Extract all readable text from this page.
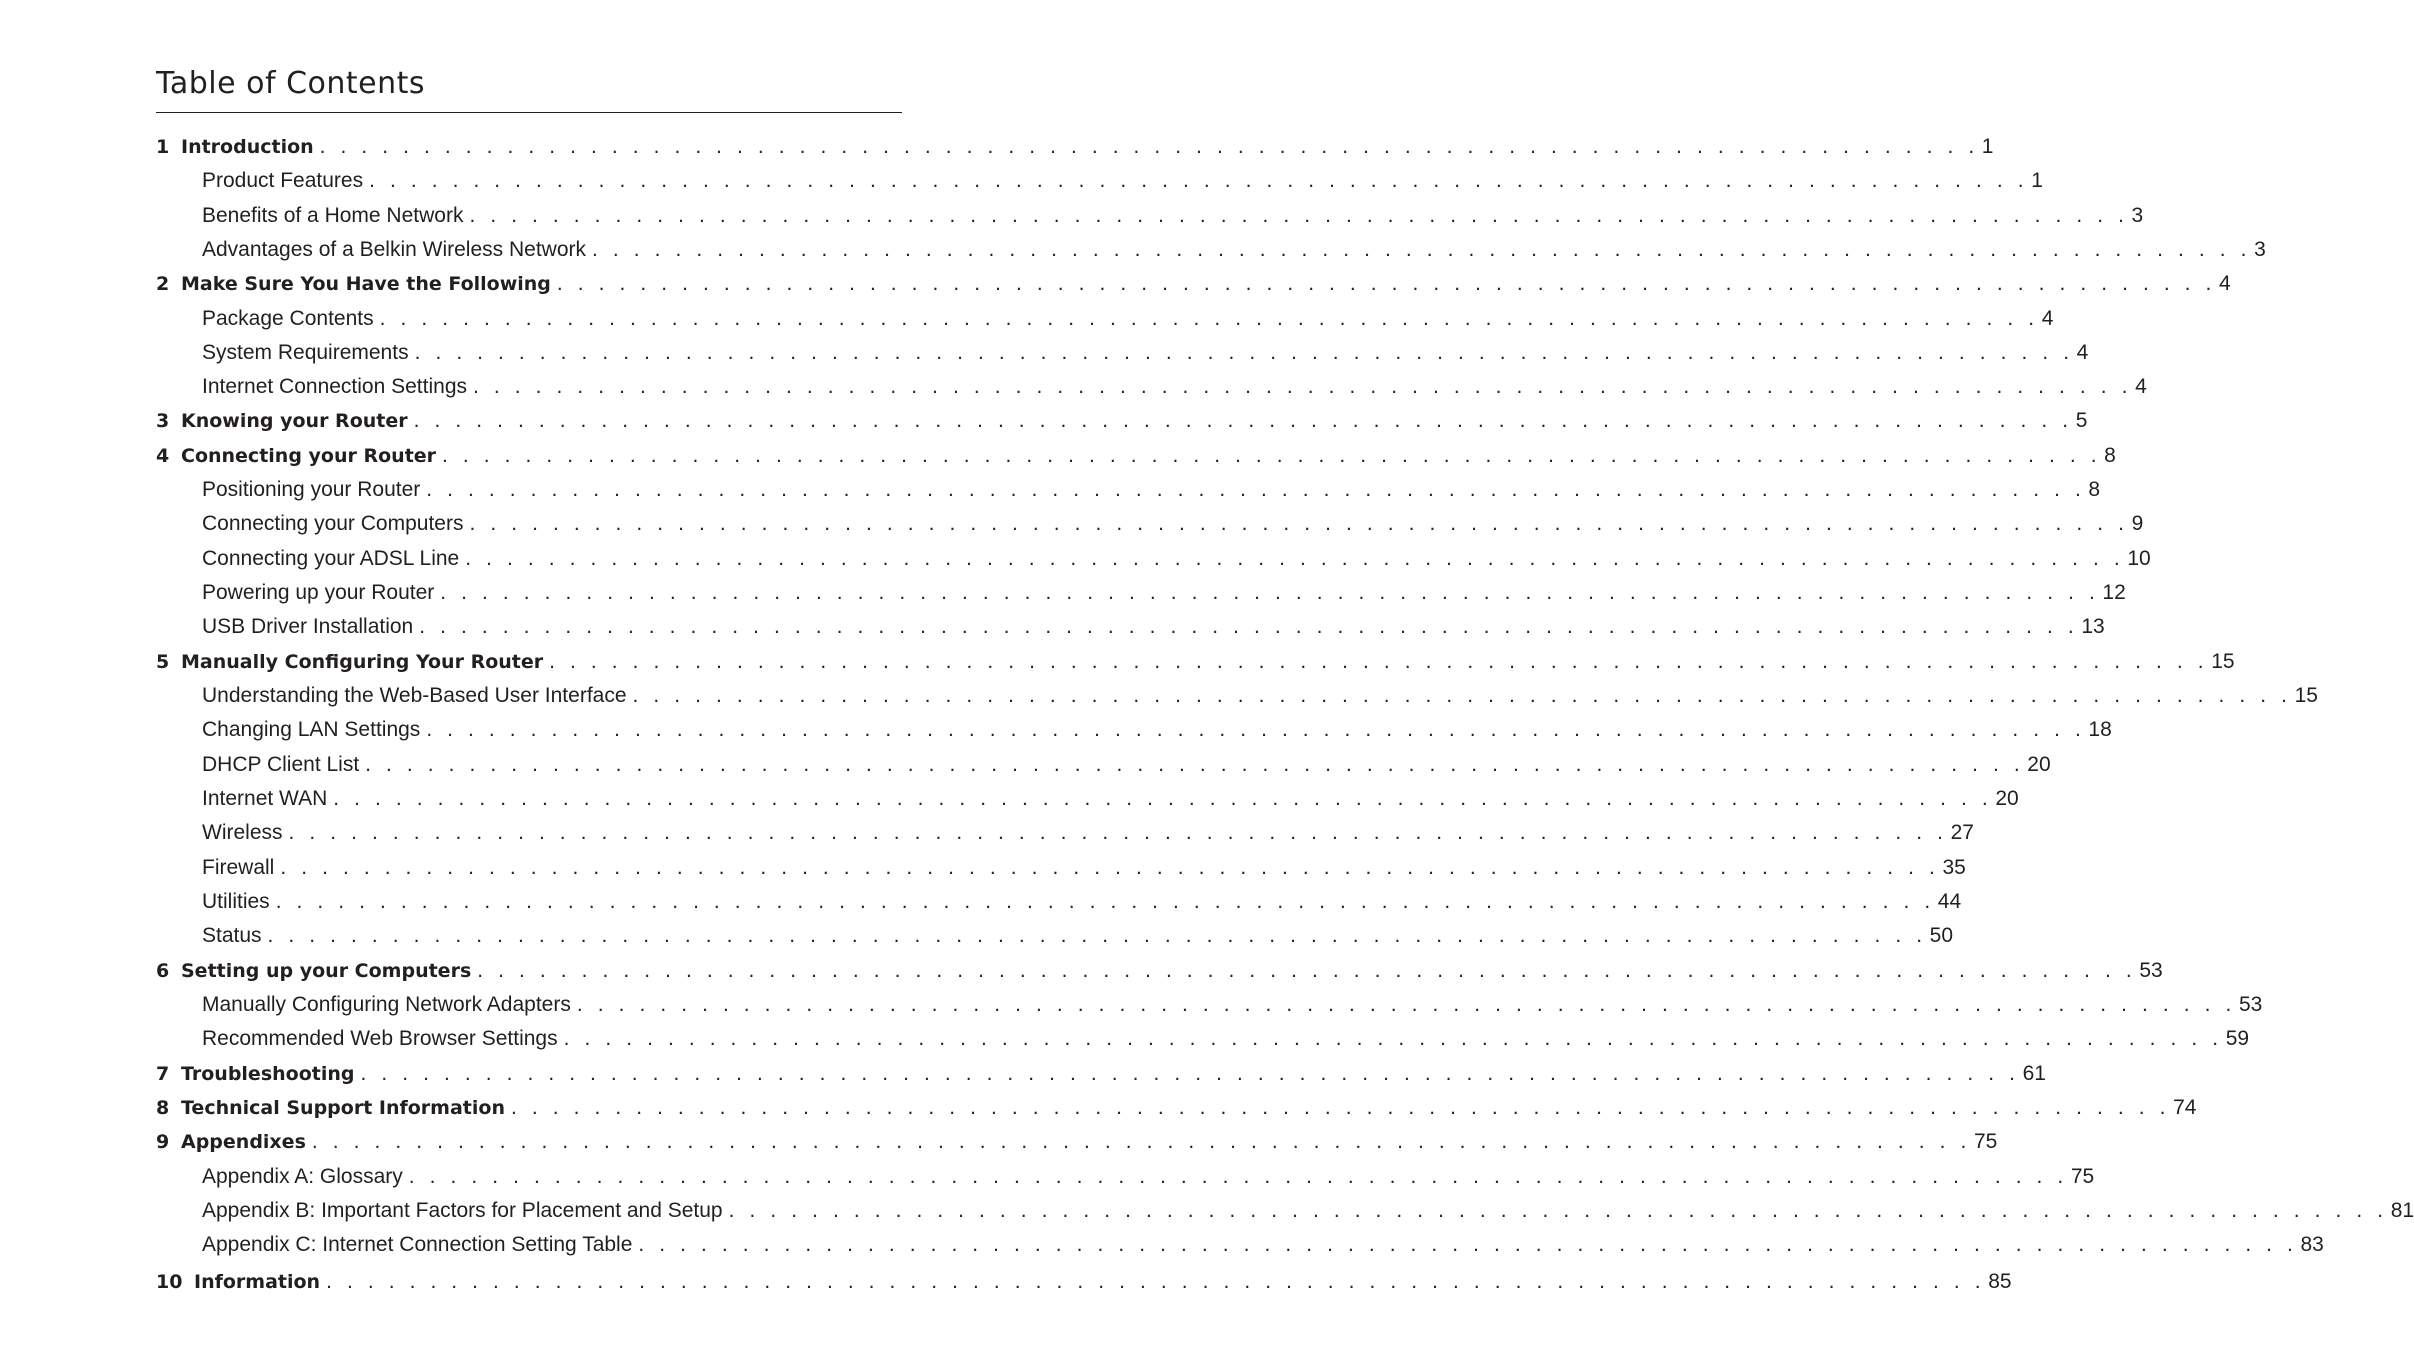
Table of Contents
1 Introduction . . . . . . . . . . . . . . . . . . . . . . . . . . . . . . . . . . . . . . . . . . . . . . . . . . . . . . . . . . . . . . . . . . . . . . . . . . . . . . . . 1
Product Features . . . . . . . . . . . . . . . . . . . . . . . . . . . . . . . . . . . . . . . . . . . . . . . . . . . . . . . . . . . . . . . . . . . . . . . . . . . . . . . . 1
Benefits of a Home Network . . . . . . . . . . . . . . . . . . . . . . . . . . . . . . . . . . . . . . . . . . . . . . . . . . . . . . . . . . . . . . . . . . . . . . . . . . . . . . . . 3
Advantages of a Belkin Wireless Network . . . . . . . . . . . . . . . . . . . . . . . . . . . . . . . . . . . . . . . . . . . . . . . . . . . . . . . . . . . . . . . . . . . . . . . . . . . . . . . . 3
2 Make Sure You Have the Following . . . . . . . . . . . . . . . . . . . . . . . . . . . . . . . . . . . . . . . . . . . . . . . . . . . . . . . . . . . . . . . . . . . . . . . . . . . . . . . . 4
Package Contents . . . . . . . . . . . . . . . . . . . . . . . . . . . . . . . . . . . . . . . . . . . . . . . . . . . . . . . . . . . . . . . . . . . . . . . . . . . . . . . . 4
System Requirements . . . . . . . . . . . . . . . . . . . . . . . . . . . . . . . . . . . . . . . . . . . . . . . . . . . . . . . . . . . . . . . . . . . . . . . . . . . . . . . . 4
Internet Connection Settings . . . . . . . . . . . . . . . . . . . . . . . . . . . . . . . . . . . . . . . . . . . . . . . . . . . . . . . . . . . . . . . . . . . . . . . . . . . . . . . . 4
3 Knowing your Router . . . . . . . . . . . . . . . . . . . . . . . . . . . . . . . . . . . . . . . . . . . . . . . . . . . . . . . . . . . . . . . . . . . . . . . . . . . . . . . . 5
4 Connecting your Router . . . . . . . . . . . . . . . . . . . . . . . . . . . . . . . . . . . . . . . . . . . . . . . . . . . . . . . . . . . . . . . . . . . . . . . . . . . . . . . . 8
Positioning your Router . . . . . . . . . . . . . . . . . . . . . . . . . . . . . . . . . . . . . . . . . . . . . . . . . . . . . . . . . . . . . . . . . . . . . . . . . . . . . . . . 8
Connecting your Computers . . . . . . . . . . . . . . . . . . . . . . . . . . . . . . . . . . . . . . . . . . . . . . . . . . . . . . . . . . . . . . . . . . . . . . . . . . . . . . . . 9
Connecting your ADSL Line . . . . . . . . . . . . . . . . . . . . . . . . . . . . . . . . . . . . . . . . . . . . . . . . . . . . . . . . . . . . . . . . . . . . . . . . . . . . . . . . 10
Powering up your Router . . . . . . . . . . . . . . . . . . . . . . . . . . . . . . . . . . . . . . . . . . . . . . . . . . . . . . . . . . . . . . . . . . . . . . . . . . . . . . . . 12
USB Driver Installation . . . . . . . . . . . . . . . . . . . . . . . . . . . . . . . . . . . . . . . . . . . . . . . . . . . . . . . . . . . . . . . . . . . . . . . . . . . . . . . . 13
5 Manually Configuring Your Router . . . . . . . . . . . . . . . . . . . . . . . . . . . . . . . . . . . . . . . . . . . . . . . . . . . . . . . . . . . . . . . . . . . . . . . . . . . . . . . . 15
Understanding the Web-Based User Interface . . . . . . . . . . . . . . . . . . . . . . . . . . . . . . . . . . . . . . . . . . . . . . . . . . . . . . . . . . . . . . . . . . . . . . . . . . . . . . . . 15
Changing LAN Settings . . . . . . . . . . . . . . . . . . . . . . . . . . . . . . . . . . . . . . . . . . . . . . . . . . . . . . . . . . . . . . . . . . . . . . . . . . . . . . . . 18
DHCP Client List . . . . . . . . . . . . . . . . . . . . . . . . . . . . . . . . . . . . . . . . . . . . . . . . . . . . . . . . . . . . . . . . . . . . . . . . . . . . . . . . 20
Internet WAN . . . . . . . . . . . . . . . . . . . . . . . . . . . . . . . . . . . . . . . . . . . . . . . . . . . . . . . . . . . . . . . . . . . . . . . . . . . . . . . . 20
Wireless . . . . . . . . . . . . . . . . . . . . . . . . . . . . . . . . . . . . . . . . . . . . . . . . . . . . . . . . . . . . . . . . . . . . . . . . . . . . . . . . 27
Firewall . . . . . . . . . . . . . . . . . . . . . . . . . . . . . . . . . . . . . . . . . . . . . . . . . . . . . . . . . . . . . . . . . . . . . . . . . . . . . . . . 35
Utilities . . . . . . . . . . . . . . . . . . . . . . . . . . . . . . . . . . . . . . . . . . . . . . . . . . . . . . . . . . . . . . . . . . . . . . . . . . . . . . . . 44
Status . . . . . . . . . . . . . . . . . . . . . . . . . . . . . . . . . . . . . . . . . . . . . . . . . . . . . . . . . . . . . . . . . . . . . . . . . . . . . . . . 50
6 Setting up your Computers . . . . . . . . . . . . . . . . . . . . . . . . . . . . . . . . . . . . . . . . . . . . . . . . . . . . . . . . . . . . . . . . . . . . . . . . . . . . . . . . 53
Manually Configuring Network Adapters . . . . . . . . . . . . . . . . . . . . . . . . . . . . . . . . . . . . . . . . . . . . . . . . . . . . . . . . . . . . . . . . . . . . . . . . . . . . . . . . 53
Recommended Web Browser Settings . . . . . . . . . . . . . . . . . . . . . . . . . . . . . . . . . . . . . . . . . . . . . . . . . . . . . . . . . . . . . . . . . . . . . . . . . . . . . . . . 59
7 Troubleshooting . . . . . . . . . . . . . . . . . . . . . . . . . . . . . . . . . . . . . . . . . . . . . . . . . . . . . . . . . . . . . . . . . . . . . . . . . . . . . . . . 61
8 Technical Support Information . . . . . . . . . . . . . . . . . . . . . . . . . . . . . . . . . . . . . . . . . . . . . . . . . . . . . . . . . . . . . . . . . . . . . . . . . . . . . . . . 74
9 Appendixes . . . . . . . . . . . . . . . . . . . . . . . . . . . . . . . . . . . . . . . . . . . . . . . . . . . . . . . . . . . . . . . . . . . . . . . . . . . . . . . . 75
Appendix A: Glossary . . . . . . . . . . . . . . . . . . . . . . . . . . . . . . . . . . . . . . . . . . . . . . . . . . . . . . . . . . . . . . . . . . . . . . . . . . . . . . . . 75
Appendix B: Important Factors for Placement and Setup . . . . . . . . . . . . . . . . . . . . . . . . . . . . . . . . . . . . . . . . . . . . . . . . . . . . . . . . . . . . . . . . . . . . . . . . . . . . . . . . 81
Appendix C: Internet Connection Setting Table . . . . . . . . . . . . . . . . . . . . . . . . . . . . . . . . . . . . . . . . . . . . . . . . . . . . . . . . . . . . . . . . . . . . . . . . . . . . . . . . 83
10 Information . . . . . . . . . . . . . . . . . . . . . . . . . . . . . . . . . . . . . . . . . . . . . . . . . . . . . . . . . . . . . . . . . . . . . . . . . . . . . . . . 85
